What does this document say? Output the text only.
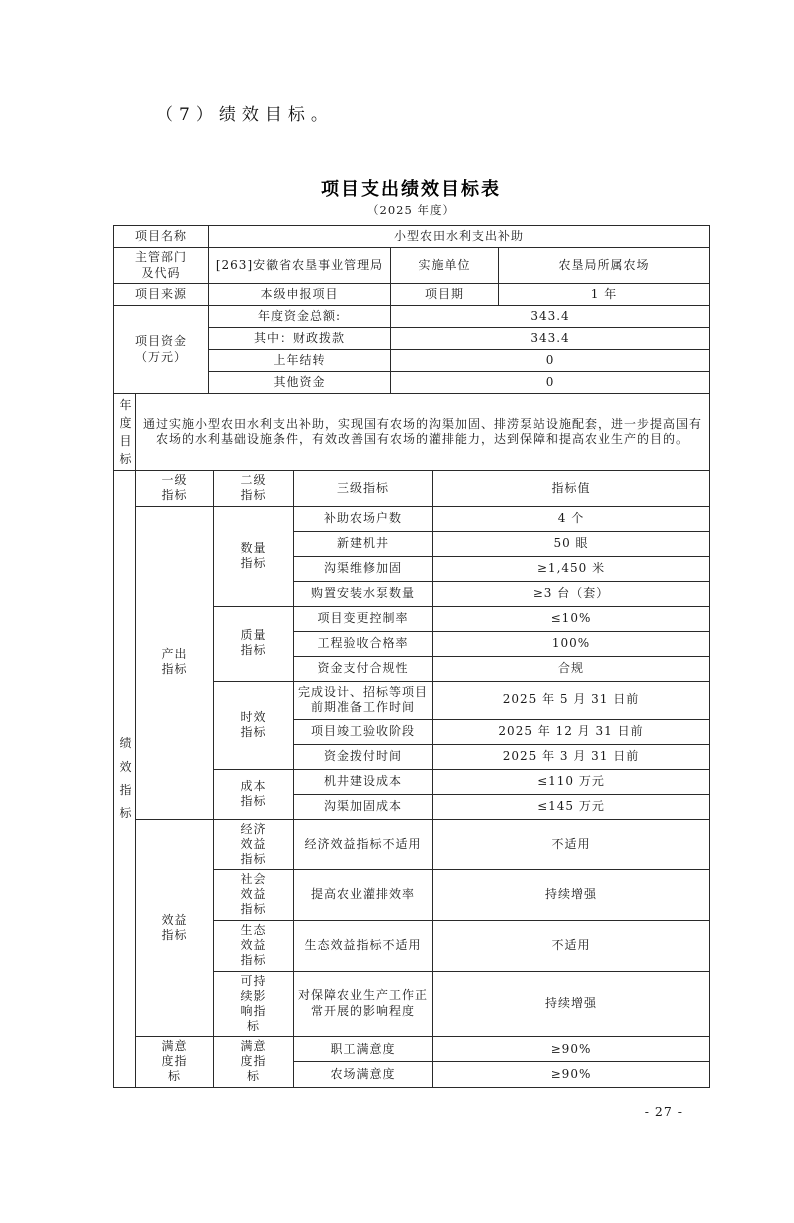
（7）绩效目标。
项目支出绩效目标表
（2025 年度）
项目名称	小型农田水利支出补助		
主管部门及代码	[263]安徽省农垦事业管理局	实施单位	农垦局所属农场
项目来源	本级申报项目	项目期	1 年
项目资金（万元）	年度资金总额:	343.4	
	其中：财政拨款	343.4	
	上年结转	0	
	其他资金	0	
年度目标	通过实施小型农田水利支出补助，实现国有农场的沟渠加固、排涝泵站设施配套，进一步提高国有农场的水利基础设施条件，有效改善国有农场的灌排能力，达到保障和提高农业生产的目的。
绩效指标	一级指标	二级指标	三级指标	指标值
	产出指标	数量指标	补助农场户数	4 个
			新建机井	50 眼
			沟渠维修加固	≥1,450 米
			购置安装水泵数量	≥3 台（套）
		质量指标	项目变更控制率	≤10%
			工程验收合格率	100%
			资金支付合规性	合规
		时效指标	完成设计、招标等项目前期准备工作时间	2025 年 5 月 31 日前
			项目竣工验收阶段	2025 年 12 月 31 日前
			资金拨付时间	2025 年 3 月 31 日前
		成本指标	机井建设成本	≤110 万元
			沟渠加固成本	≤145 万元
	效益指标	经济效益指标	经济效益指标不适用	不适用
		社会效益指标	提高农业灌排效率	持续增强
		生态效益指标	生态效益指标不适用	不适用
		可持续影响指标	对保障农业生产工作正常开展的影响程度	持续增强
	满意度指标	满意度指标	职工满意度	≥90%
			农场满意度	≥90%
- 27 -
